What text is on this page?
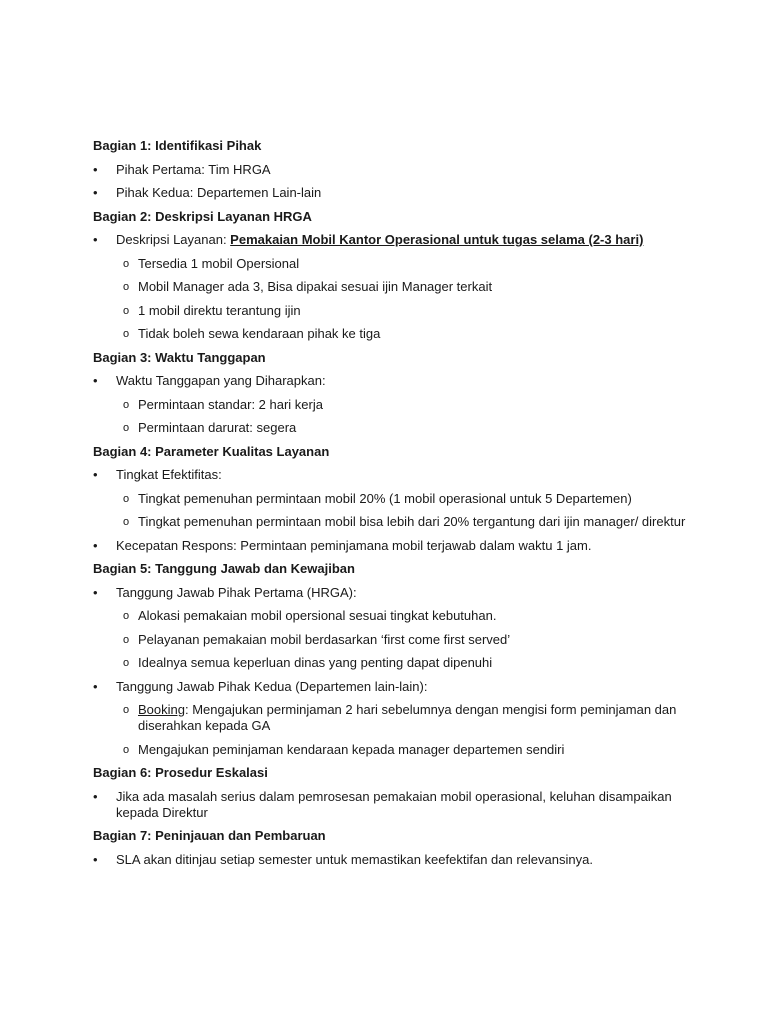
Bagian 1: Identifikasi Pihak
•	Pihak Pertama: Tim HRGA
•	Pihak Kedua: Departemen Lain-lain
Bagian 2: Deskripsi Layanan HRGA
•	Deskripsi Layanan: Pemakaian Mobil Kantor Operasional untuk tugas selama (2-3 hari)
o Tersedia 1 mobil Opersional
o Mobil Manager ada 3, Bisa dipakai sesuai ijin Manager terkait
o 1 mobil direktu terantung ijin
o Tidak boleh sewa kendaraan pihak ke tiga
Bagian 3: Waktu Tanggapan
•	Waktu Tanggapan yang Diharapkan:
o Permintaan standar: 2 hari kerja
o Permintaan darurat: segera
Bagian 4: Parameter Kualitas Layanan
•	Tingkat Efektifitas:
o Tingkat pemenuhan permintaan mobil 20% (1 mobil operasional untuk 5 Departemen)
o Tingkat pemenuhan permintaan mobil bisa lebih dari 20% tergantung dari ijin manager/ direktur
•	Kecepatan Respons: Permintaan peminjamana mobil terjawab dalam waktu 1 jam.
Bagian 5: Tanggung Jawab dan Kewajiban
•	Tanggung Jawab Pihak Pertama (HRGA):
o Alokasi pemakaian mobil opersional sesuai tingkat kebutuhan.
o Pelayanan pemakaian mobil berdasarkan ‘first come first served’
o Idealnya semua keperluan dinas yang penting dapat dipenuhi
•	Tanggung Jawab Pihak Kedua (Departemen lain-lain):
o Booking: Mengajukan perminjaman 2 hari sebelumnya dengan mengisi form peminjaman dan diserahkan kepada GA
o Mengajukan peminjaman kendaraan kepada manager departemen sendiri
Bagian 6: Prosedur Eskalasi
•	Jika ada masalah serius dalam pemrosesan pemakaian mobil operasional, keluhan disampaikan kepada Direktur
Bagian 7: Peninjauan dan Pembaruan
•	SLA akan ditinjau setiap semester untuk memastikan keefektifan dan relevansinya.
